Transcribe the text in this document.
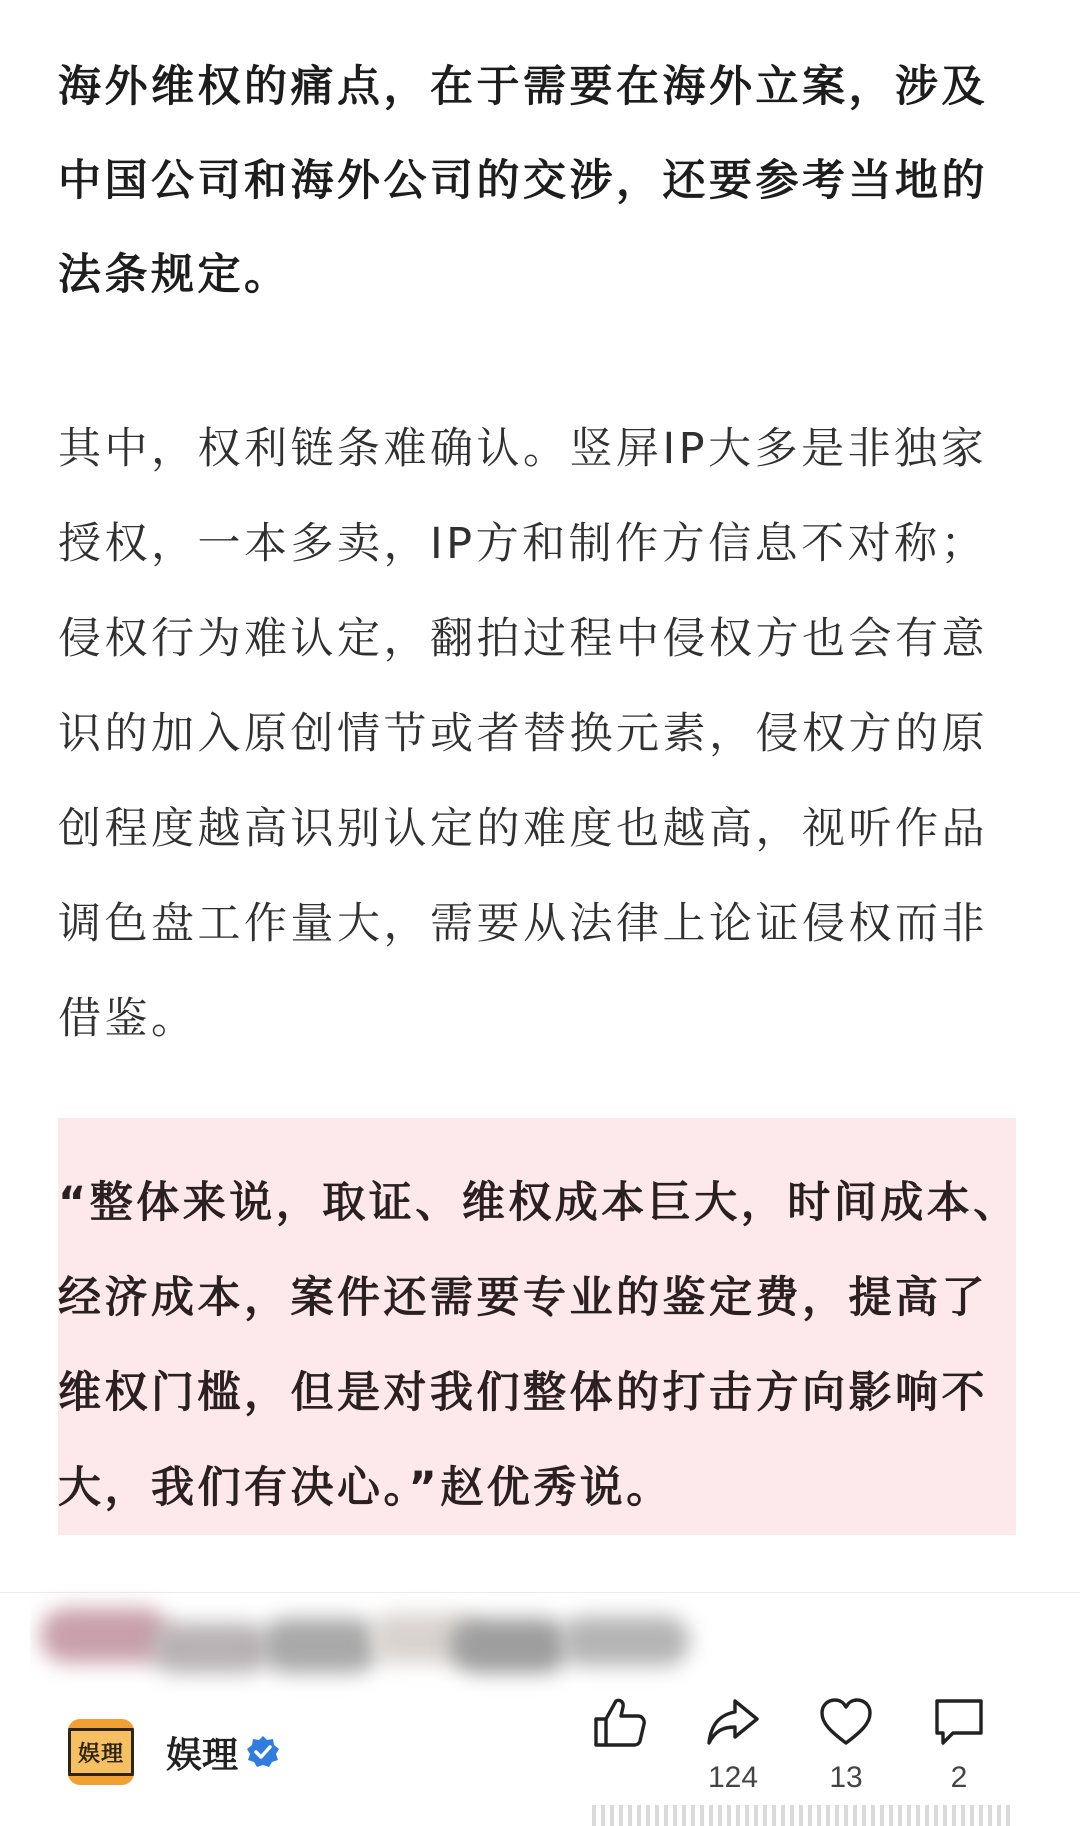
海外维权的痛点，在于需要在海外立案，涉及
中国公司和海外公司的交涉，还要参考当地的
法条规定。
其中，权利链条难确认。竖屏IP大多是非独家
授权，一本多卖，IP方和制作方信息不对称；
侵权行为难认定，翻拍过程中侵权方也会有意
识的加入原创情节或者替换元素，侵权方的原
创程度越高识别认定的难度也越高，视听作品
调色盘工作量大，需要从法律上论证侵权而非
借鉴。
“整体来说，取证、维权成本巨大，时间成本、
经济成本，案件还需要专业的鉴定费，提高了
维权门槛，但是对我们整体的打击方向影响不
大，我们有决心。”赵优秀说。
娱理 娱理
124	13	2
